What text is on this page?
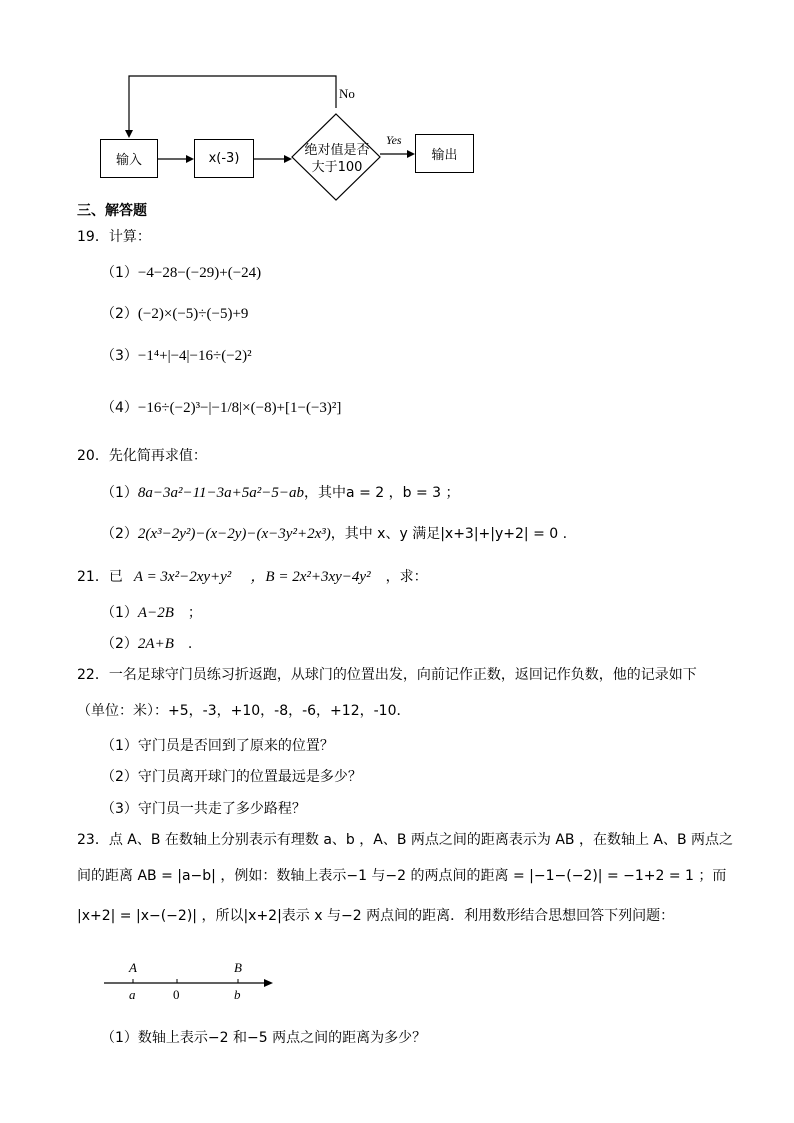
输入	x(-3)
绝对值是否
大于100
输出
No
Yes
三、解答题
19．计算：
（1）−4−28−(−29)+(−24)
（2）(−2)×(−5)÷(−5)+9
（3）−1⁴+|−4|−16÷(−2)²
（4）−16÷(−2)³−|−1/8|×(−8)+[1−(−3)²]
20．先化简再求值：
（1）8a−3a²−11−3a+5a²−5−ab，其中a = 2 ，b = 3 ；
（2）2(x³−2y²)−(x−2y)−(x−3y²+2x³)，其中 x、y 满足|x+3|+|y+2| = 0 .
21．已 A = 3x²−2xy+y² ，B = 2x²+3xy−4y² ，求：
（1）A−2B ；
（2）2A+B .
22．一名足球守门员练习折返跑，从球门的位置出发，向前记作正数，返回记作负数，他的记录如下
（单位：米）：+5，-3，+10，-8，-6，+12，-10．
（1）守门员是否回到了原来的位置？
（2）守门员离开球门的位置最远是多少？
（3）守门员一共走了多少路程？
23．点 A、B 在数轴上分别表示有理数 a、b ，A、B 两点之间的距离表示为 AB ，在数轴上 A、B 两点之
间的距离 AB = |a−b| ，例如：数轴上表示−1 与−2 的两点间的距离 = |−1−(−2)| = −1+2 = 1 ；而
|x+2| = |x−(−2)| ，所以|x+2|表示 x 与−2 两点间的距离．利用数形结合思想回答下列问题：
A	B
a	0	b
（1）数轴上表示−2 和−5 两点之间的距离为多少？
